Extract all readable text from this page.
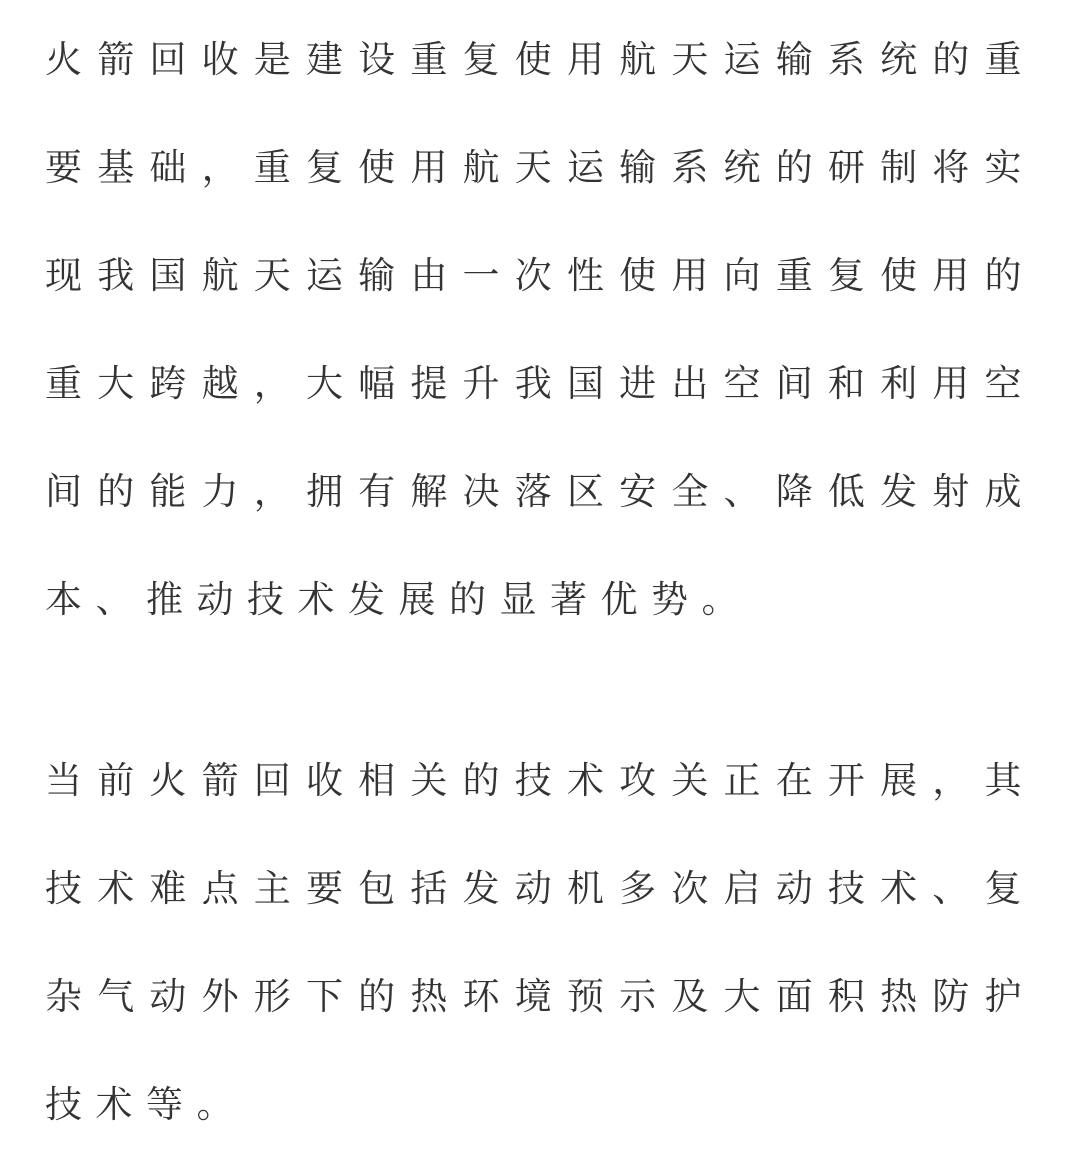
火箭回收是建设重复使用航天运输系统的重要基础，重复使用航天运输系统的研制将实现我国航天运输由一次性使用向重复使用的重大跨越，大幅提升我国进出空间和利用空间的能力，拥有解决落区安全、降低发射成本、推动技术发展的显著优势。

当前火箭回收相关的技术攻关正在开展，其技术难点主要包括发动机多次启动技术、复杂气动外形下的热环境预示及大面积热防护技术等。
